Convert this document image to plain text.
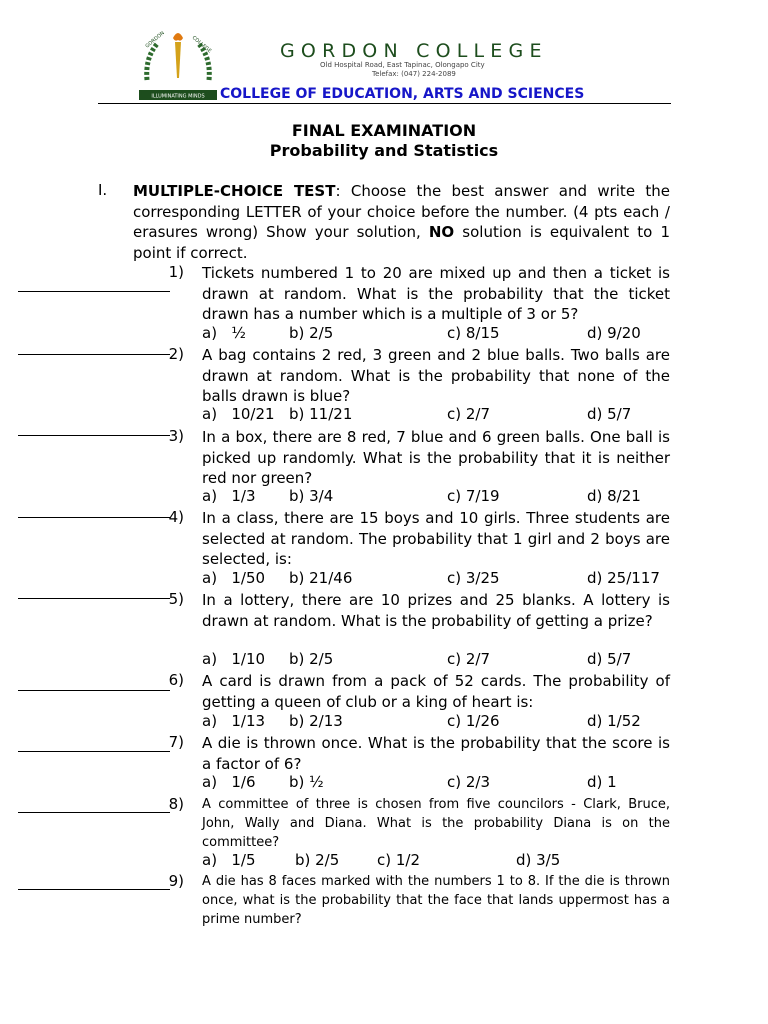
ILLUMINATING MINDS
GORDON	COLLEGE	GORDON COLLEGE
Old Hospital Road, East Tapinac, Olongapo City
Telefax: (047) 224-2089
COLLEGE OF EDUCATION, ARTS AND SCIENCES
FINAL EXAMINATION
Probability and Statistics
I. MULTIPLE-CHOICE TEST: Choose the best answer and write the corresponding LETTER of your choice before the number. (4 pts each / erasures wrong) Show your solution, NO solution is equivalent to 1 point if correct.
1) Tickets numbered 1 to 20 are mixed up and then a ticket is drawn at random. What is the probability that the ticket drawn has a number which is a multiple of 3 or 5?
a)   ½	b) 2/5	c) 8/15	d) 9/20
2) A bag contains 2 red, 3 green and 2 blue balls. Two balls are drawn at random. What is the probability that none of the balls drawn is blue?
a)   10/21 b) 11/21	c) 2/7	d) 5/7
3) In a box, there are 8 red, 7 blue and 6 green balls. One ball is picked up randomly. What is the probability that it is neither red nor green?
a)   1/3 b) 3/4	c) 7/19	d) 8/21
4) In a class, there are 15 boys and 10 girls. Three students are selected at random. The probability that 1 girl and 2 boys are selected, is:
a)   1/50 b) 21/46	c) 3/25	d) 25/117
5) In a lottery, there are 10 prizes and 25 blanks. A lottery is drawn at random. What is the probability of getting a prize?
a)   1/10 b) 2/5	c) 2/7	d) 5/7
6) A card is drawn from a pack of 52 cards. The probability of getting a queen of club or a king of heart is:
a)   1/13 b) 2/13	c) 1/26	d) 1/52
7) A die is thrown once. What is the probability that the score is a factor of 6?
a)   1/6 b) ½	c) 2/3	d) 1
8) A committee of three is chosen from five councilors - Clark, Bruce, John, Wally and Diana. What is the probability Diana is on the committee?
a)   1/5	b) 2/5	c) 1/2	d) 3/5
9) A die has 8 faces marked with the numbers 1 to 8. If the die is thrown once, what is the probability that the face that lands uppermost has a prime number?
